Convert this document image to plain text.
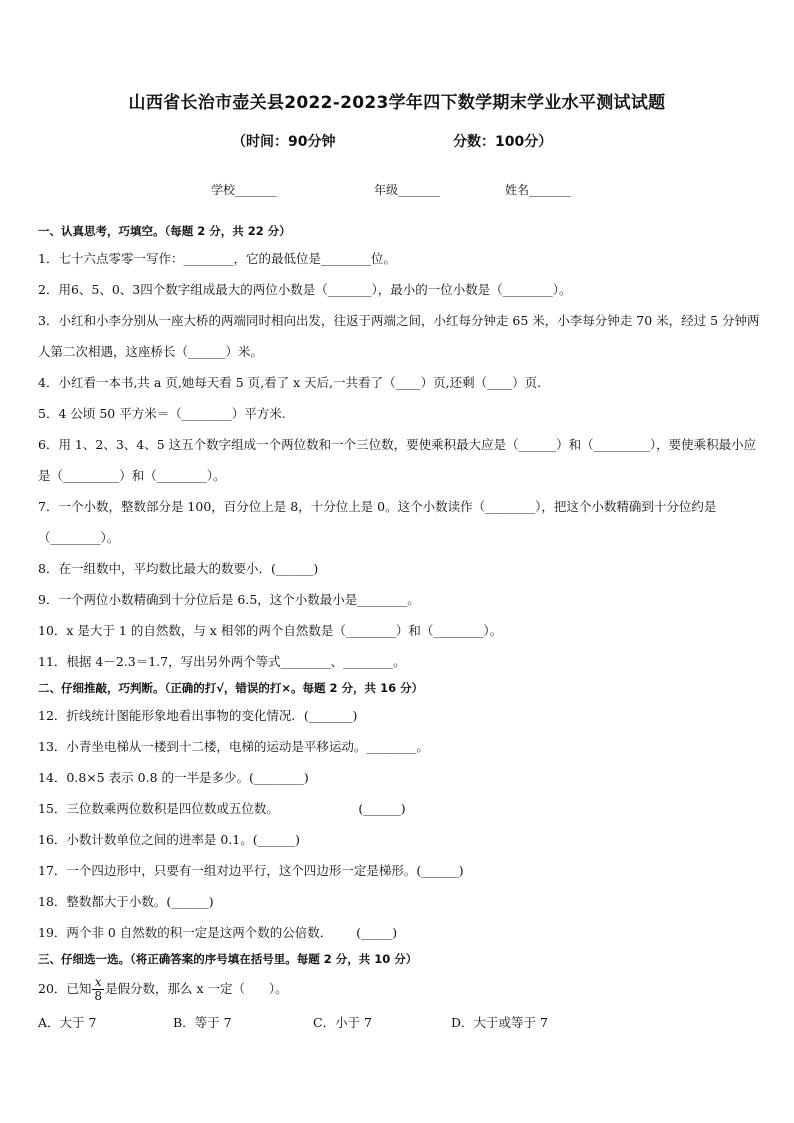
山西省长治市壶关县2022-2023学年四下数学期末学业水平测试试题
（时间：90分钟	分数：100分）
学校_______	年级_______	姓名_______
一、认真思考，巧填空。（每题 2 分，共 22 分）
1．七十六点零零一写作：________，它的最低位是________位。
2．用6、5、0、3四个数字组成最大的两位小数是（_______），最小的一位小数是（________）。
3．小红和小李分别从一座大桥的两端同时相向出发，往返于两端之间，小红每分钟走 65 米，小李每分钟走 70 米，经过 5 分钟两人第二次相遇，这座桥长（______）米。
4．小红看一本书,共 a 页,她每天看 5 页,看了 x 天后,一共看了（____）页,还剩（____）页.
5．4 公顷 50 平方米＝（________）平方米.
6．用 1、2、3、4、5 这五个数字组成一个两位数和一个三位数，要使乘积最大应是（______）和（_________），要使乘积最小应是（_________）和（________）。
7．一个小数，整数部分是 100，百分位上是 8，十分位上是 0。这个小数读作（________），把这个小数精确到十分位约是（________）。
8．在一组数中，平均数比最大的数要小．(______)
9．一个两位小数精确到十分位后是 6.5，这个小数最小是________。
10．x 是大于 1 的自然数，与 x 相邻的两个自然数是（________）和（________）。
11．根据 4－2.3＝1.7，写出另外两个等式________、________。
二、仔细推敲，巧判断。（正确的打√，错误的打×。每题 2 分，共 16 分）
12．折线统计图能形象地看出事物的变化情况．(_______)
13．小青坐电梯从一楼到十二楼，电梯的运动是平移运动。________。
14．0.8×5 表示 0.8 的一半是多少。(________)
15．三位数乘两位数积是四位数或五位数。                    (______)
16．小数计数单位之间的进率是 0.1。(______)
17．一个四边形中，只要有一组对边平行，这个四边形一定是梯形。(______)
18．整数都大于小数。(______)
19．两个非 0 自然数的积一定是这两个数的公倍数．      (_____)
三、仔细选一选。（将正确答案的序号填在括号里。每题 2 分，共 10 分）
20．已知 $\frac{x}{8}$ 是假分数，那么 x 一定（      ）。
A．大于 7	B．等于 7	C．小于 7	D．大于或等于 7
